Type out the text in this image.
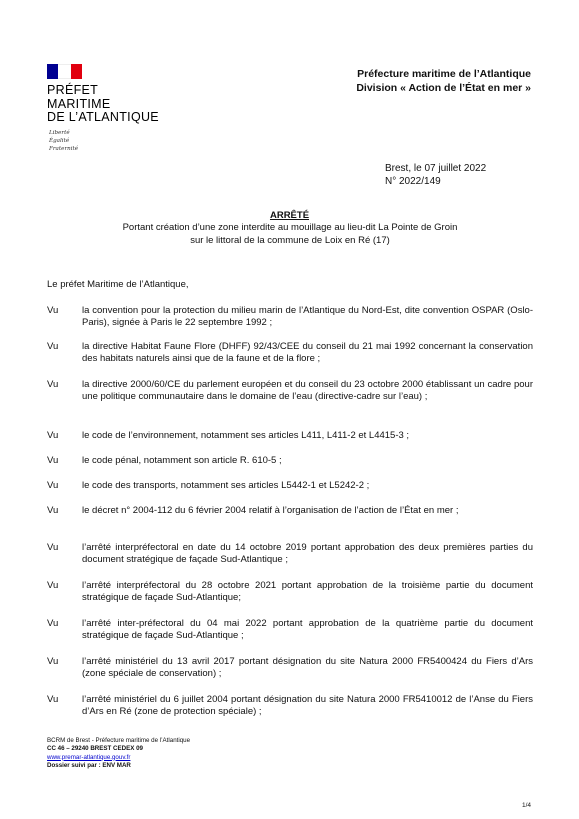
PRÉFET
MARITIME
DE L’ATLANTIQUE
Liberté
Égalité
Fraternité
Préfecture maritime de l’Atlantique
Division « Action de l’État en mer »
Brest, le 07 juillet 2022
N° 2022/149
ARRÊTÉ
Portant création d’une zone interdite au mouillage au lieu-dit La Pointe de Groin
sur le littoral de la commune de Loix en Ré (17)
Le préfet Maritime de l’Atlantique,
Vu	la convention pour la protection du milieu marin de l’Atlantique du Nord-Est, dite convention OSPAR (Oslo-Paris), signée à Paris le 22 septembre 1992 ;
Vu	la directive Habitat Faune Flore (DHFF) 92/43/CEE du conseil du 21 mai 1992 concernant la conservation des habitats naturels ainsi que de la faune et de la flore ;
Vu	la directive 2000/60/CE du parlement européen et du conseil du 23 octobre 2000 établissant un cadre pour une politique communautaire dans le domaine de l’eau (directive-cadre sur l’eau) ;
Vu	le code de l’environnement, notamment ses articles L411, L411-2 et L4415-3 ;
Vu	le code pénal, notamment son article R. 610-5 ;
Vu	le code des transports, notamment ses articles L5442-1 et L5242-2 ;
Vu	le décret n° 2004-112 du 6 février 2004 relatif à l’organisation de l’action de l’État en mer ;
Vu	l’arrêté interpréfectoral en date du 14 octobre 2019 portant approbation des deux premières parties du document stratégique de façade Sud-Atlantique ;
Vu	l’arrêté interpréfectoral du 28 octobre 2021 portant approbation de la troisième partie du document stratégique de façade Sud-Atlantique;
Vu	l’arrêté inter-préfectoral du 04 mai 2022 portant approbation de la quatrième partie du document stratégique de façade Sud-Atlantique ;
Vu	l’arrêté ministériel du 13 avril 2017 portant désignation du site Natura 2000 FR5400424 du Fiers d’Ars (zone spéciale de conservation) ;
Vu	l’arrêté ministériel du 6 juillet 2004 portant désignation du site Natura 2000 FR5410012 de l’Anse du Fiers d’Ars en Ré (zone de protection spéciale) ;
BCRM de Brest - Préfecture maritime de l’Atlantique
CC 46 – 29240 BREST CEDEX 09
www.premar-atlantique.gouv.fr
Dossier suivi par : ENV MAR
1/4
